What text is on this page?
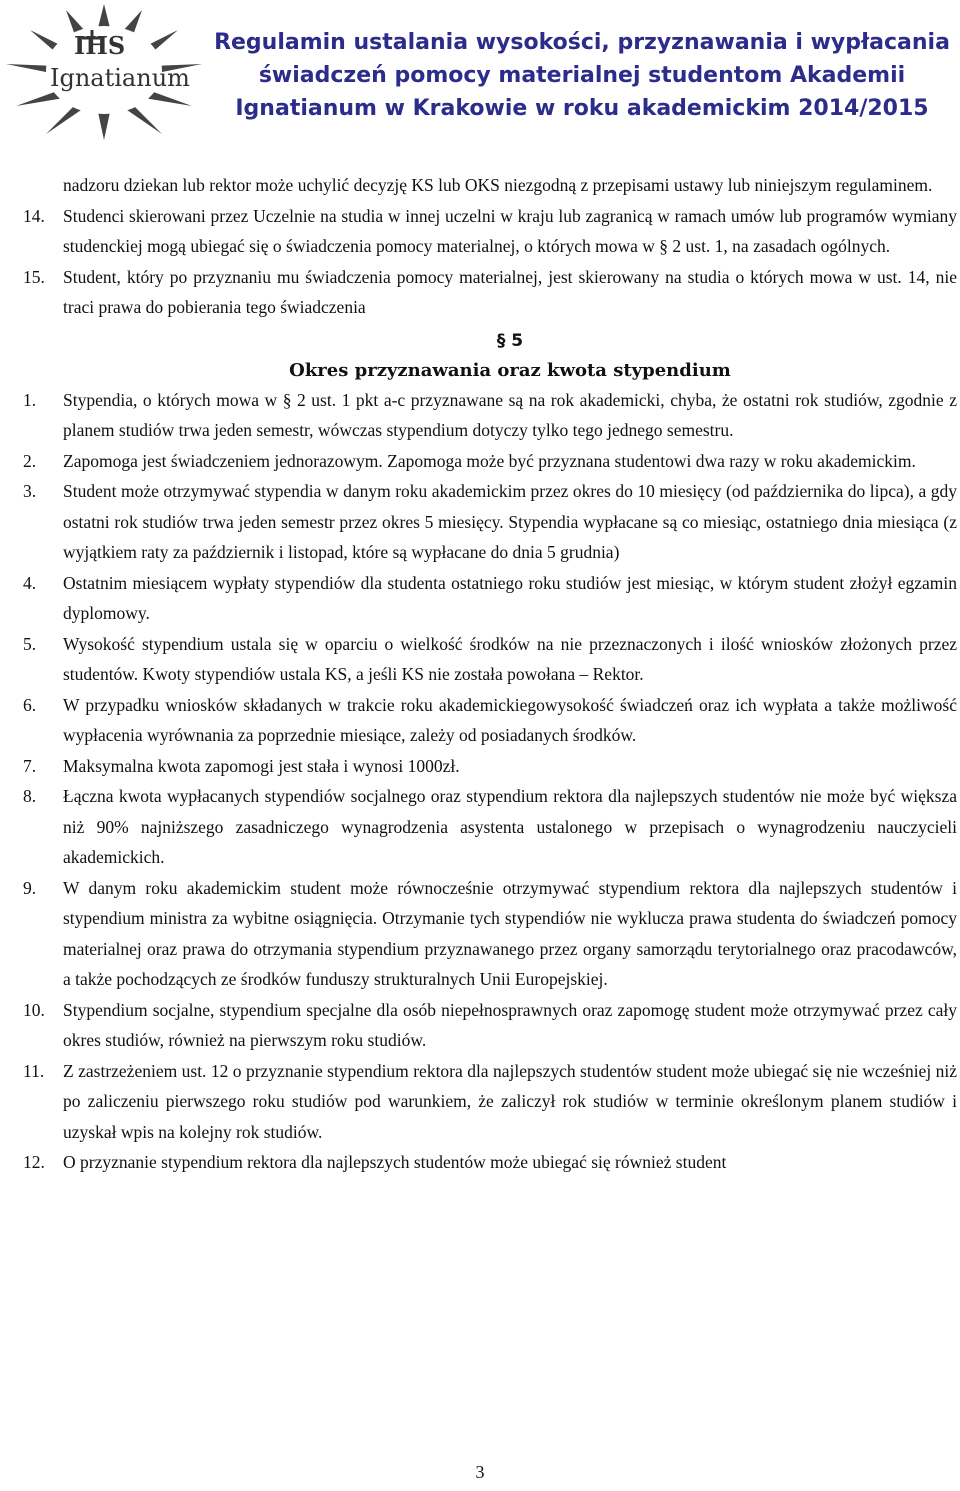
IHS
Ignatianum
Regulamin ustalania wysokości, przyznawania i wypłacania
świadczeń pomocy materialnej studentom Akademii
Ignatianum w Krakowie w roku akademickim 2014/2015

nadzoru dziekan lub rektor może uchylić decyzję KS lub OKS niezgodną z przepisami ustawy lub niniejszym regulaminem.

14.	Studenci skierowani przez Uczelnie na studia w innej uczelni w kraju lub zagranicą w ramach umów lub programów wymiany studenckiej mogą ubiegać się o świadczenia pomocy materialnej, o których mowa w § 2 ust. 1, na zasadach ogólnych.
15.	Student, który po przyznaniu mu świadczenia pomocy materialnej, jest skierowany na studia o których mowa w ust. 14, nie traci prawa do pobierania tego świadczenia
§ 5
Okres przyznawania oraz kwota stypendium
1.	Stypendia, o których mowa w § 2 ust. 1 pkt a-c przyznawane są na rok akademicki, chyba, że ostatni rok studiów, zgodnie z planem studiów trwa jeden semestr, wówczas stypendium dotyczy tylko tego jednego semestru.
2.	Zapomoga jest świadczeniem jednorazowym. Zapomoga może być przyznana studentowi dwa razy w roku akademickim.
3.	Student może otrzymywać stypendia w danym roku akademickim przez okres do 10 miesięcy (od października do lipca), a gdy ostatni rok studiów trwa jeden semestr przez okres 5 miesięcy. Stypendia wypłacane są co miesiąc, ostatniego dnia miesiąca (z wyjątkiem raty za październik i listopad, które są wypłacane do dnia 5 grudnia)
4.	Ostatnim miesiącem wypłaty stypendiów dla studenta ostatniego roku studiów jest miesiąc, w którym student złożył egzamin dyplomowy.
5.	Wysokość stypendium ustala się w oparciu o wielkość środków na nie przeznaczonych i ilość wniosków złożonych przez studentów. Kwoty stypendiów ustala KS, a jeśli KS nie została powołana – Rektor.
6.	W przypadku wniosków składanych w trakcie roku akademickiegowysokość świadczeń oraz ich wypłata a także możliwość wypłacenia wyrównania za poprzednie miesiące, zależy od posiadanych środków.
7.	Maksymalna kwota zapomogi jest stała i wynosi 1000zł.
8.	Łączna kwota wypłacanych stypendiów socjalnego oraz stypendium rektora dla najlepszych studentów nie może być większa niż 90% najniższego zasadniczego wynagrodzenia asystenta ustalonego w przepisach o wynagrodzeniu nauczycieli akademickich.
9.	W danym roku akademickim student może równocześnie otrzymywać stypendium rektora dla najlepszych studentów i stypendium ministra za wybitne osiągnięcia. Otrzymanie tych stypendiów nie wyklucza prawa studenta do świadczeń pomocy materialnej oraz prawa do otrzymania stypendium przyznawanego przez organy samorządu terytorialnego oraz pracodawców, a także pochodzących ze środków funduszy strukturalnych Unii Europejskiej.
10.	Stypendium socjalne, stypendium specjalne dla osób niepełnosprawnych oraz zapomogę student może otrzymywać przez cały okres studiów, również na pierwszym roku studiów.
11.	Z zastrzeżeniem ust. 12 o przyznanie stypendium rektora dla najlepszych studentów student może ubiegać się nie wcześniej niż po zaliczeniu pierwszego roku studiów pod warunkiem, że zaliczył rok studiów w terminie określonym planem studiów i uzyskał wpis na kolejny rok studiów.
12.	O przyznanie stypendium rektora dla najlepszych studentów może ubiegać się również student
3
